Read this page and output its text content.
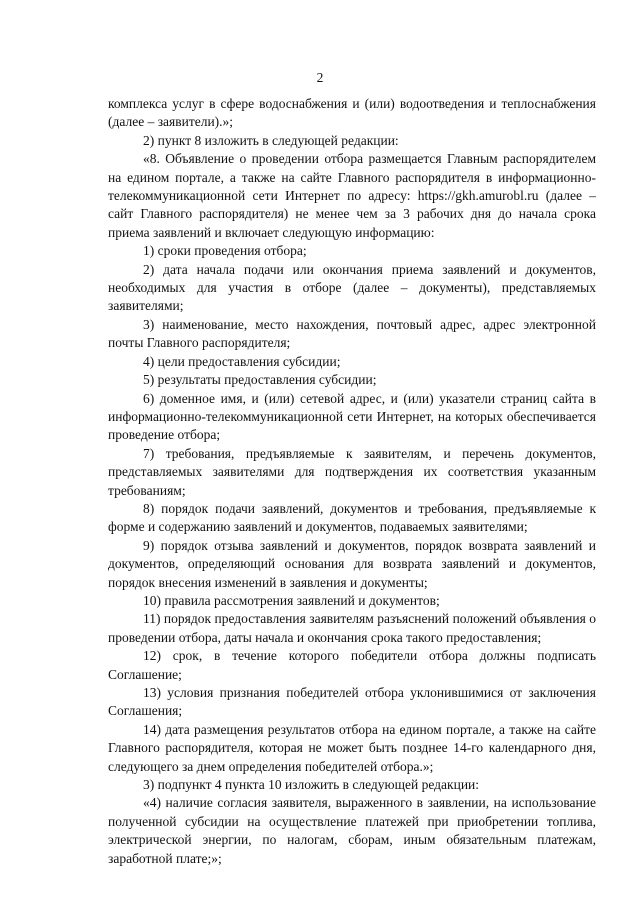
2

комплекса услуг в сфере водоснабжения и (или) водоотведения и теплоснабжения (далее – заявители).»;

2) пункт 8 изложить в следующей редакции:

«8. Объявление о проведении отбора размещается Главным распорядителем на едином портале, а также на сайте Главного распорядителя в информационно-телекоммуникационной сети Интернет по адресу: https://gkh.amurobl.ru (далее – сайт Главного распорядителя) не менее чем за 3 рабочих дня до начала срока приема заявлений и включает следующую информацию:

1) сроки проведения отбора;

2) дата начала подачи или окончания приема заявлений и документов, необходимых для участия в отборе (далее – документы), представляемых заявителями;

3) наименование, место нахождения, почтовый адрес, адрес электронной почты Главного распорядителя;

4) цели предоставления субсидии;

5) результаты предоставления субсидии;

6) доменное имя, и (или) сетевой адрес, и (или) указатели страниц сайта в информационно-телекоммуникационной сети Интернет, на которых обеспечивается проведение отбора;

7) требования, предъявляемые к заявителям, и перечень документов, представляемых заявителями для подтверждения их соответствия указанным требованиям;

8) порядок подачи заявлений, документов и требования, предъявляемые к форме и содержанию заявлений и документов, подаваемых заявителями;

9) порядок отзыва заявлений и документов, порядок возврата заявлений и документов, определяющий основания для возврата заявлений и документов, порядок внесения изменений в заявления и документы;

10) правила рассмотрения заявлений и документов;

11) порядок предоставления заявителям разъяснений положений объявления о проведении отбора, даты начала и окончания срока такого предоставления;

12) срок, в течение которого победители отбора должны подписать Соглашение;

13) условия признания победителей отбора уклонившимися от заключения Соглашения;

14) дата размещения результатов отбора на едином портале, а также на сайте Главного распорядителя, которая не может быть позднее 14-го календарного дня, следующего за днем определения победителей отбора.»;

3) подпункт 4 пункта 10 изложить в следующей редакции:

«4) наличие согласия заявителя, выраженного в заявлении, на использование полученной субсидии на осуществление платежей при приобретении топлива, электрической энергии, по налогам, сборам, иным обязательным платежам, заработной плате;»;
